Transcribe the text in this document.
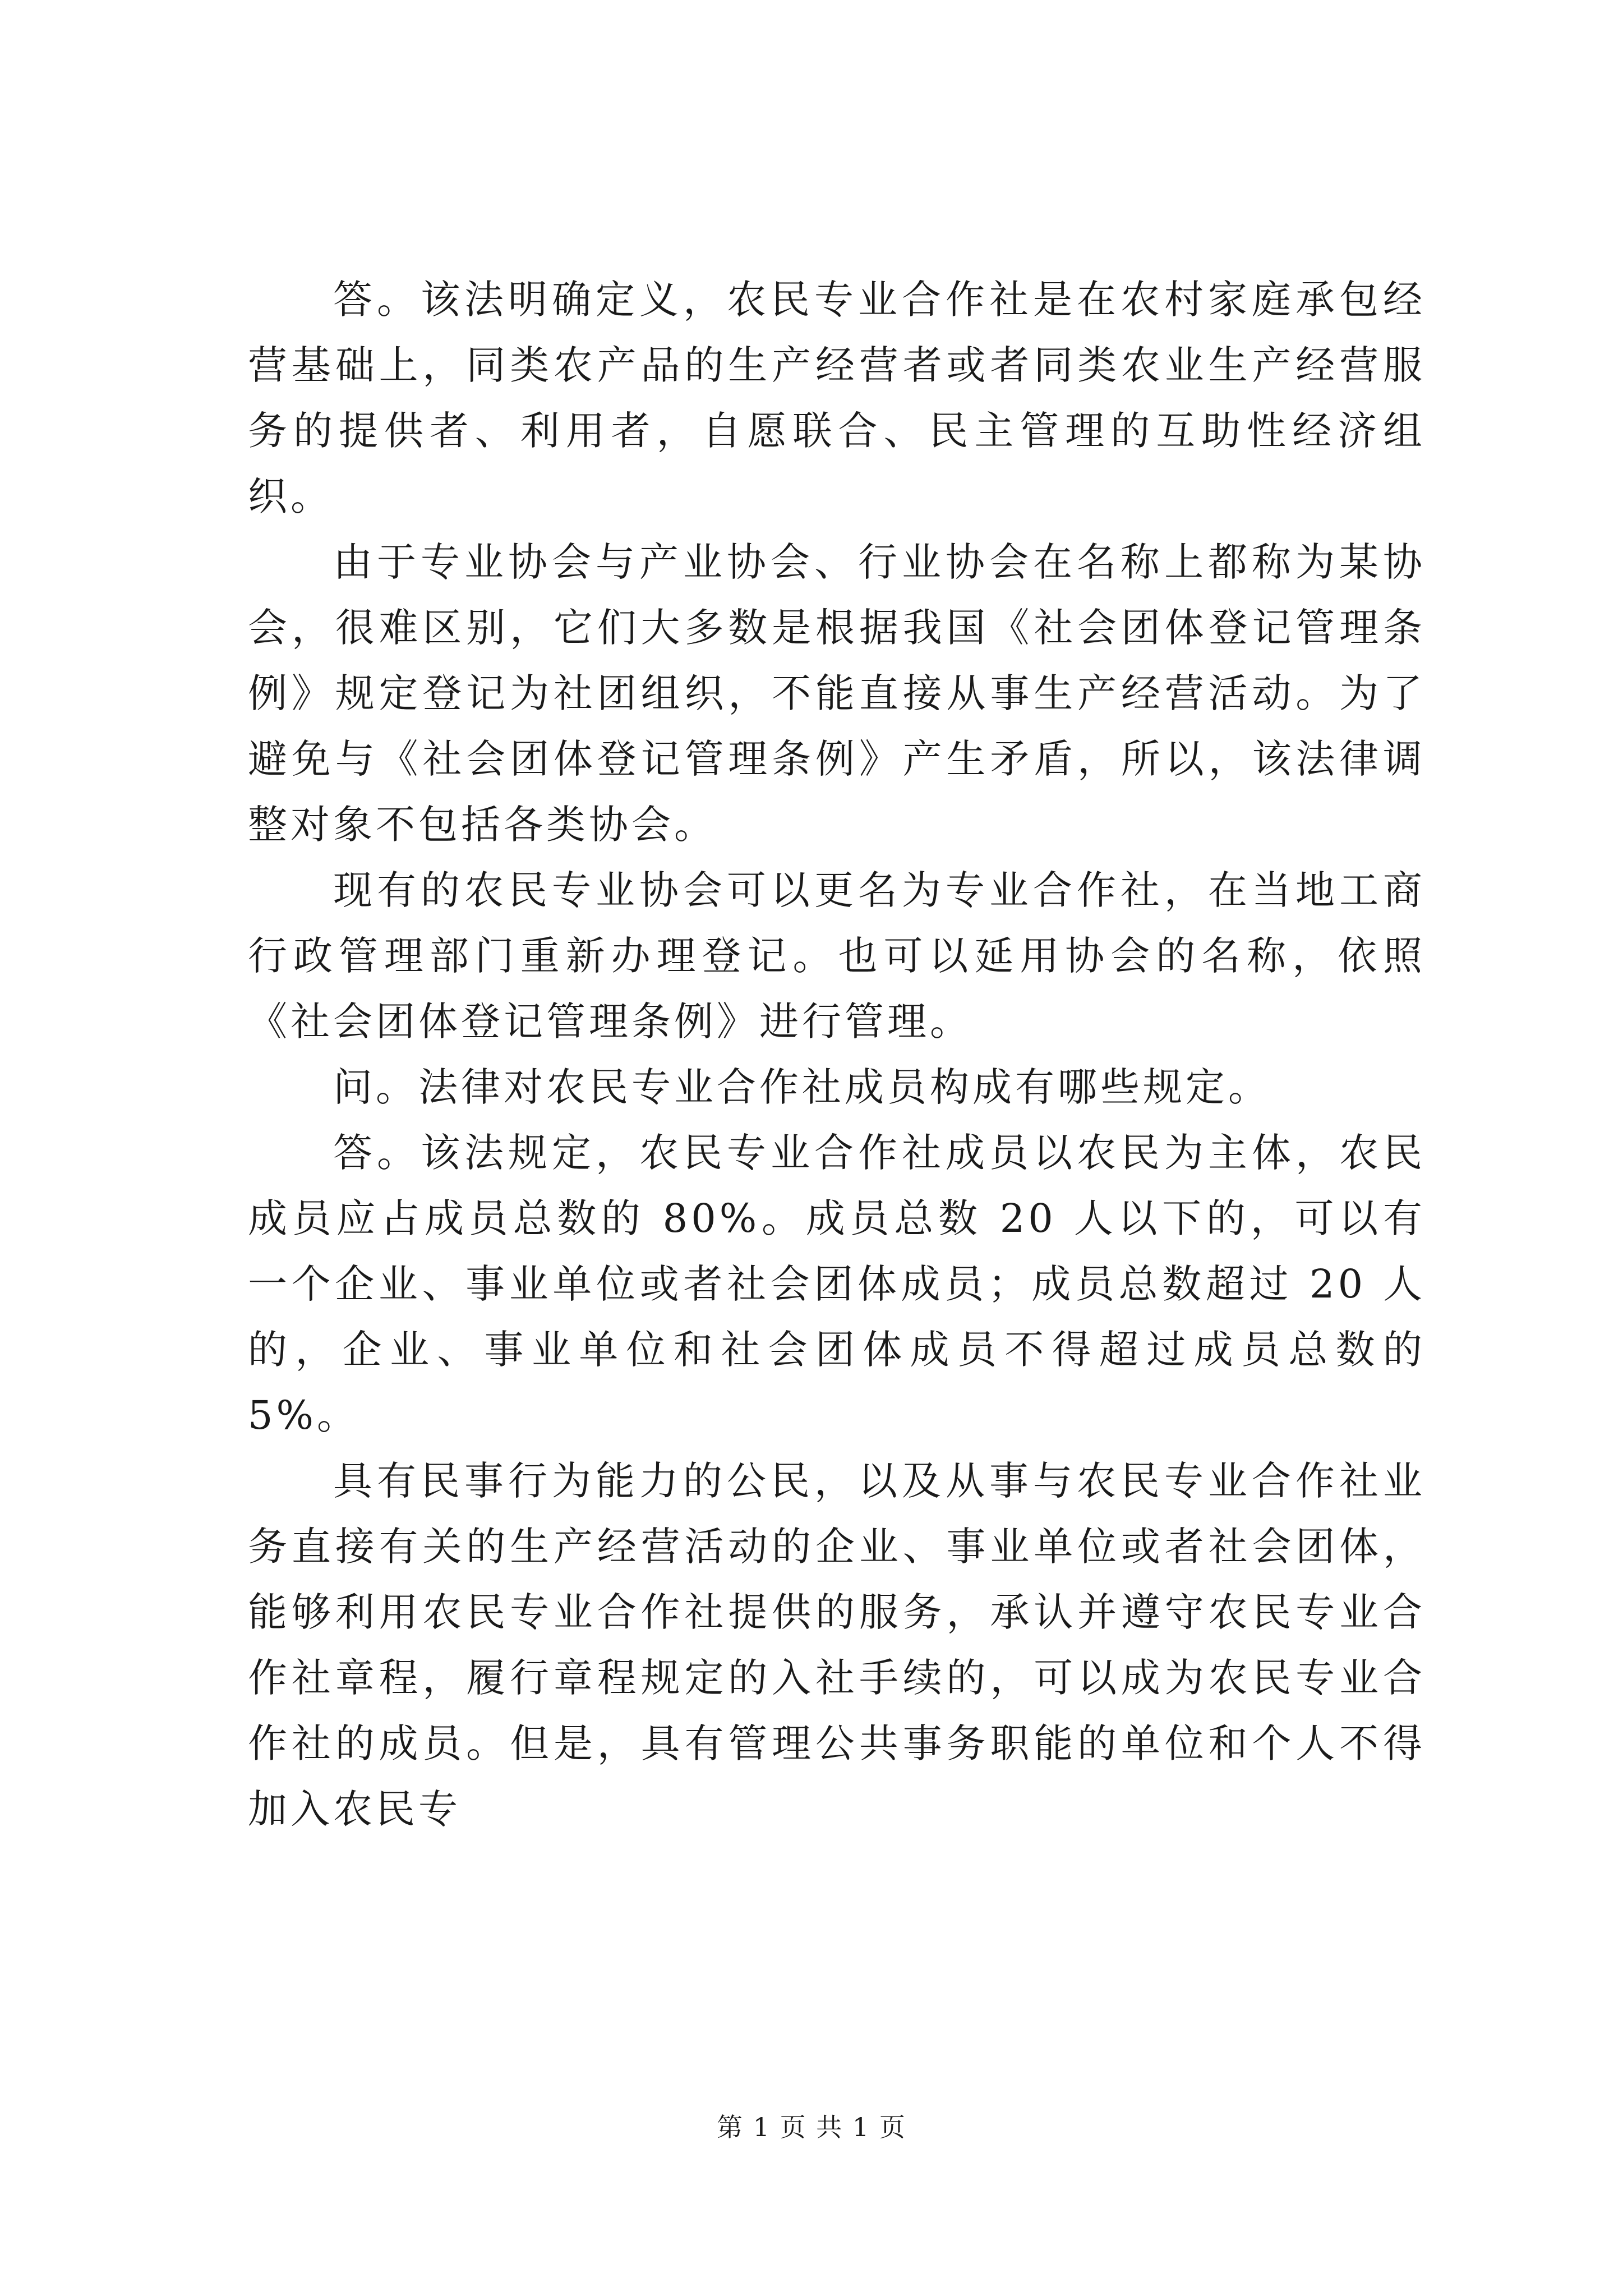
答。该法明确定义，农民专业合作社是在农村家庭承包经营基础上，同类农产品的生产经营者或者同类农业生产经营服务的提供者、利用者，自愿联合、民主管理的互助性经济组织。

由于专业协会与产业协会、行业协会在名称上都称为某协会，很难区别，它们大多数是根据我国《社会团体登记管理条例》规定登记为社团组织，不能直接从事生产经营活动。为了避免与《社会团体登记管理条例》产生矛盾，所以，该法律调整对象不包括各类协会。

现有的农民专业协会可以更名为专业合作社，在当地工商行政管理部门重新办理登记。也可以延用协会的名称，依照《社会团体登记管理条例》进行管理。

问。法律对农民专业合作社成员构成有哪些规定。

答。该法规定，农民专业合作社成员以农民为主体，农民成员应占成员总数的 80%。成员总数 20 人以下的，可以有一个企业、事业单位或者社会团体成员；成员总数超过 20 人的，企业、事业单位和社会团体成员不得超过成员总数的 5%。

具有民事行为能力的公民，以及从事与农民专业合作社业务直接有关的生产经营活动的企业、事业单位或者社会团体，能够利用农民专业合作社提供的服务，承认并遵守农民专业合作社章程，履行章程规定的入社手续的，可以成为农民专业合作社的成员。但是，具有管理公共事务职能的单位和个人不得加入农民专

第 1 页 共 1 页
